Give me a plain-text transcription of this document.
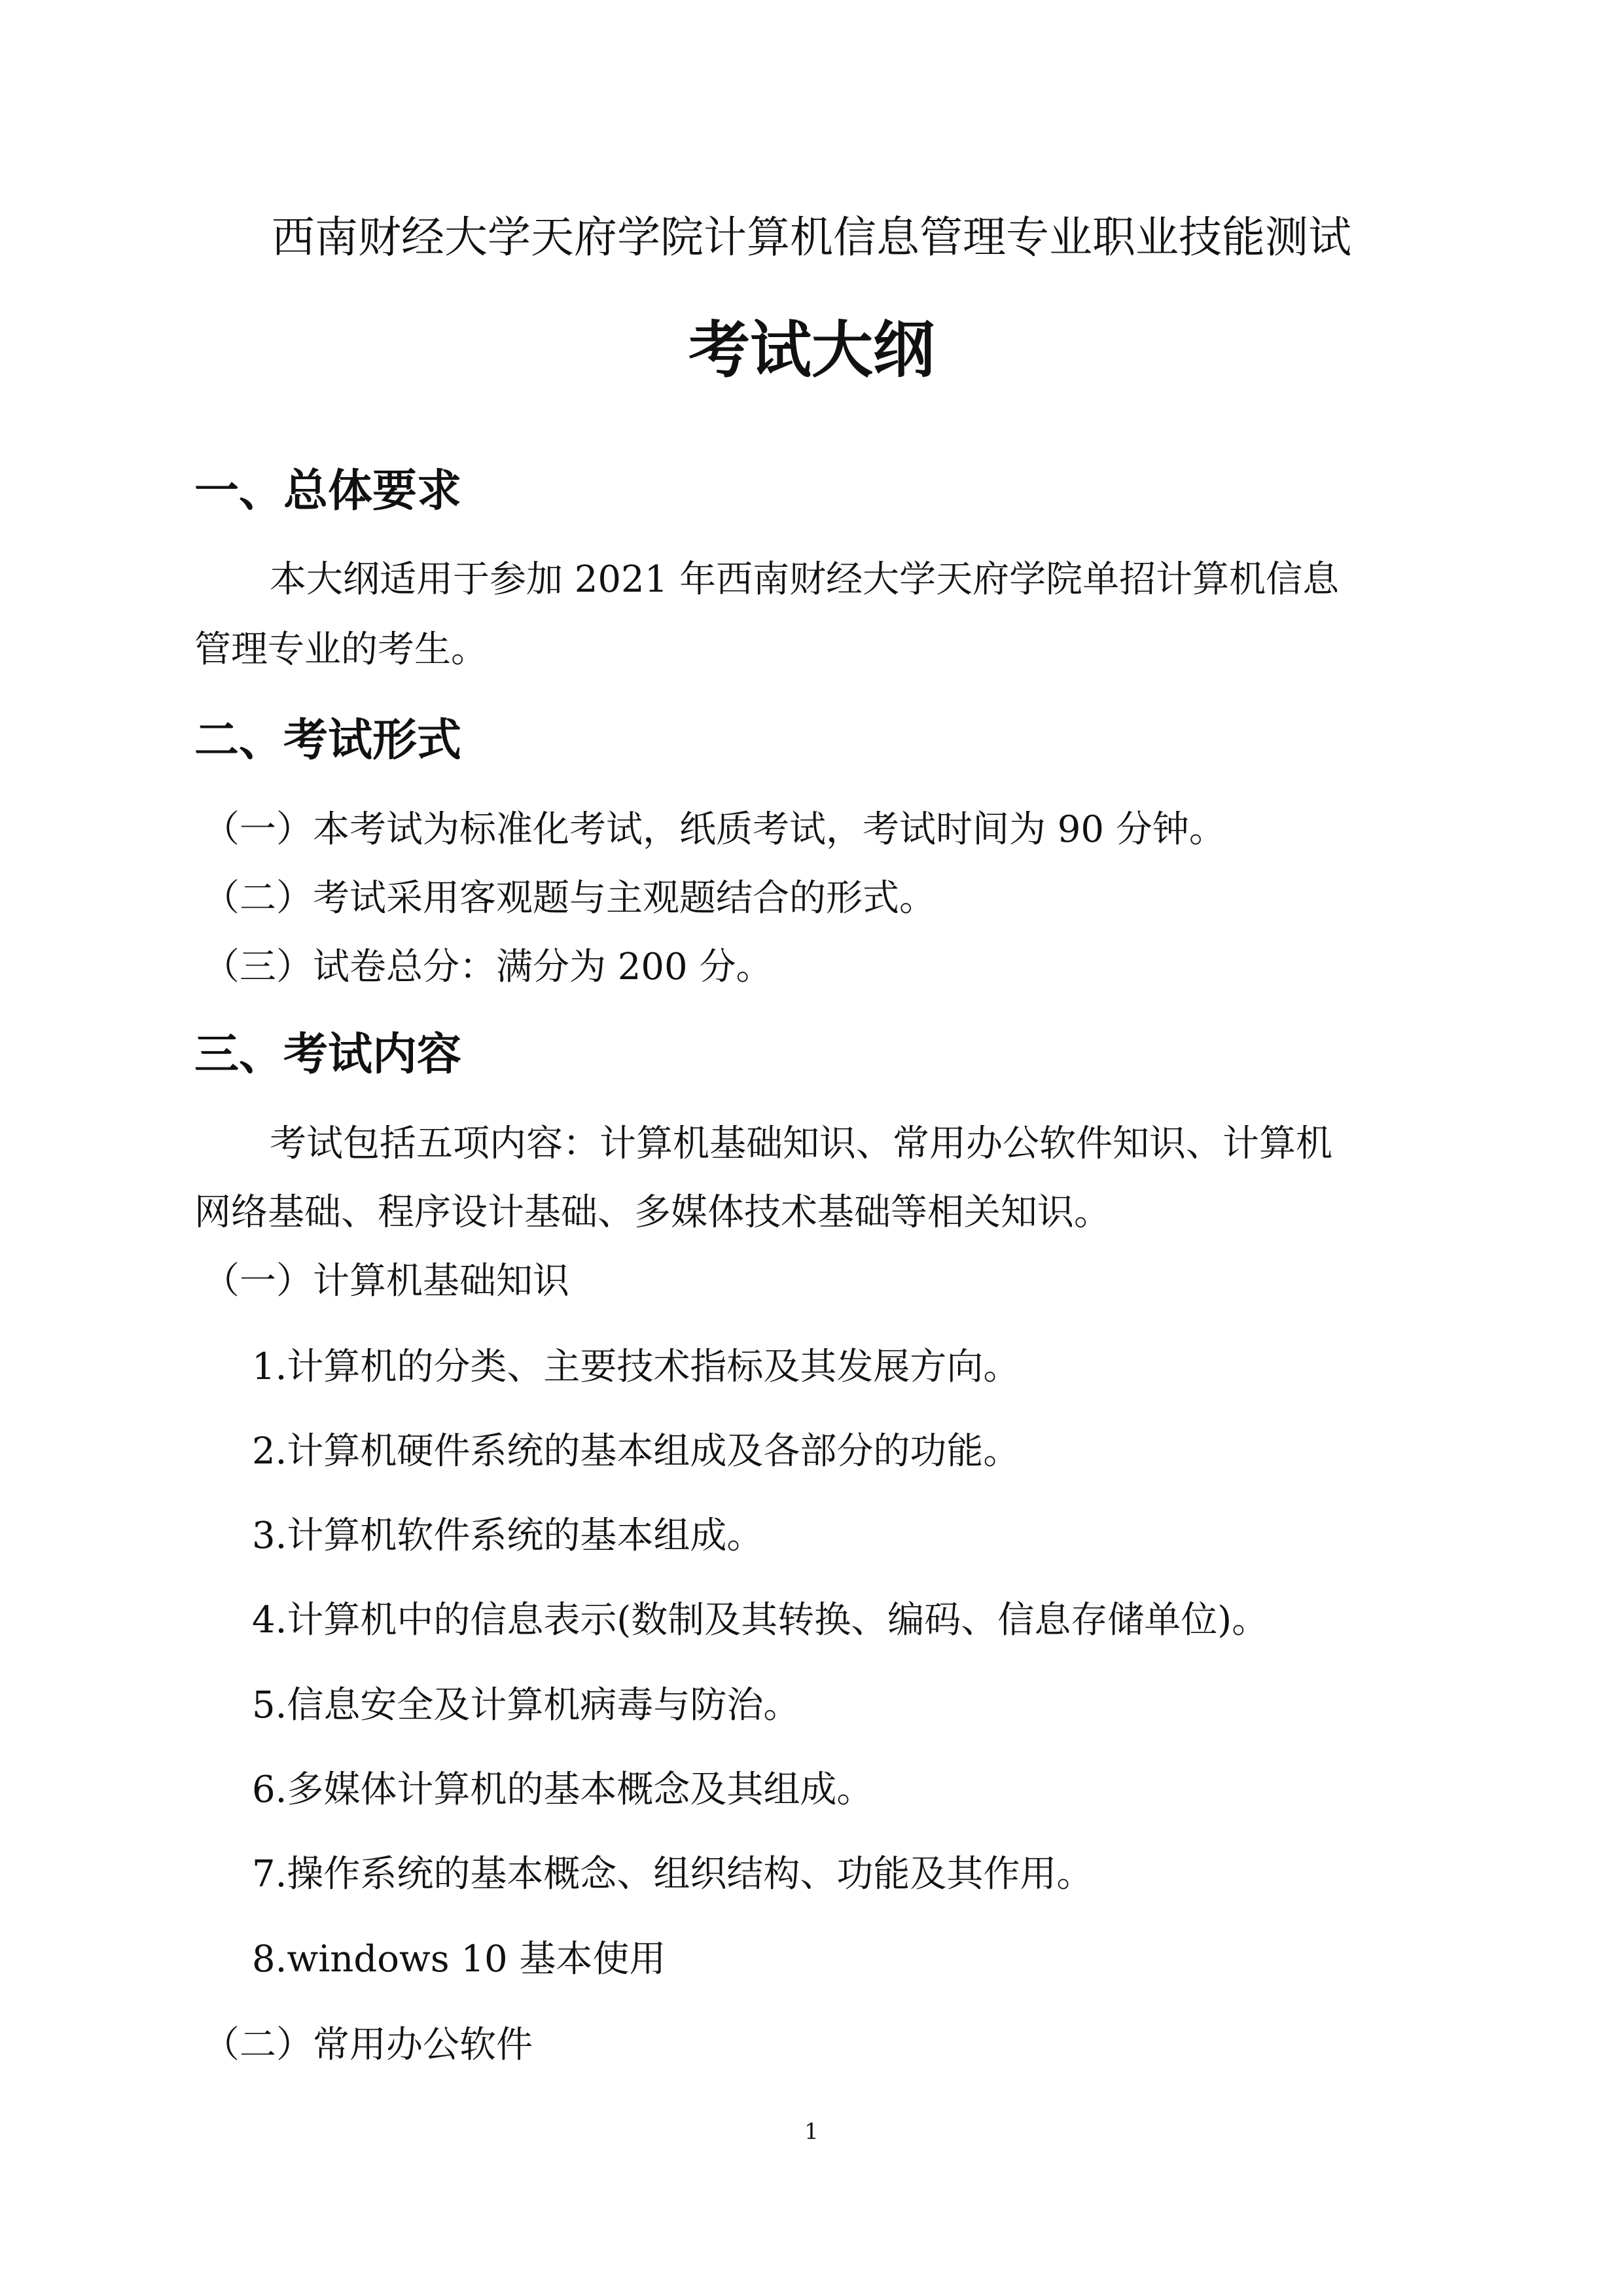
西南财经大学天府学院计算机信息管理专业职业技能测试
考试大纲
一、总体要求
本大纲适用于参加 2021 年西南财经大学天府学院单招计算机信息
管理专业的考生。
二、考试形式
（一）本考试为标准化考试，纸质考试，考试时间为 90 分钟。
（二）考试采用客观题与主观题结合的形式。
（三）试卷总分：满分为 200 分。
三、考试内容
考试包括五项内容：计算机基础知识、常用办公软件知识、计算机
网络基础、程序设计基础、多媒体技术基础等相关知识。
（一）计算机基础知识
1.计算机的分类、主要技术指标及其发展方向。
2.计算机硬件系统的基本组成及各部分的功能。
3.计算机软件系统的基本组成。
4.计算机中的信息表示(数制及其转换、编码、信息存储单位)。
5.信息安全及计算机病毒与防治。
6.多媒体计算机的基本概念及其组成。
7.操作系统的基本概念、组织结构、功能及其作用。
8.windows 10 基本使用
（二）常用办公软件
1
